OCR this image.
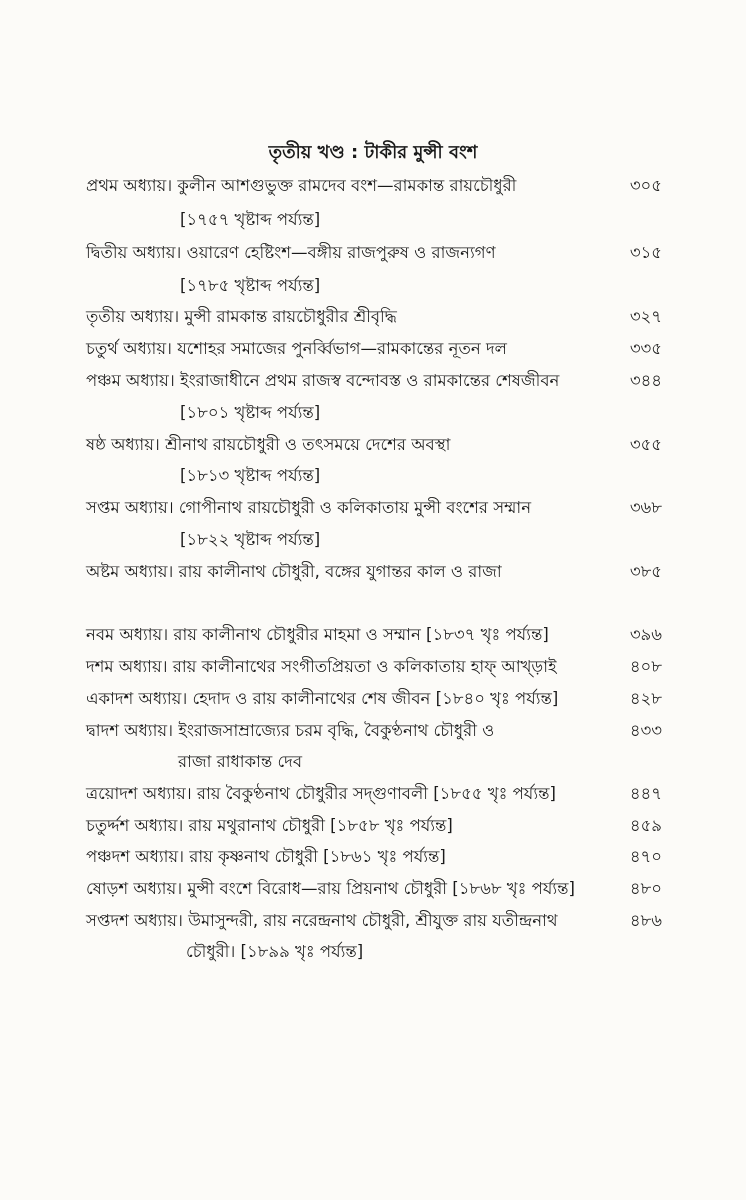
তৃতীয় খণ্ড : টাকীর মুন্সী বংশ
প্রথম অধ্যায়। কুলীন আশগুভুক্ত রামদেব বংশ—রামকান্ত রায়চৌধুরী	৩০৫
[১৭৫৭ খৃষ্টাব্দ পর্য্যন্ত]
দ্বিতীয় অধ্যায়। ওয়ারেণ হেষ্টিংশ—বঙ্গীয় রাজপুরুষ ও রাজন্যগণ	৩১৫
[১৭৮৫ খৃষ্টাব্দ পর্য্যন্ত]
তৃতীয় অধ্যায়। মুন্সী রামকান্ত রায়চৌধুরীর শ্রীবৃদ্ধি	৩২৭
চতুর্থ অধ্যায়। যশোহর সমাজের পুনর্ব্বিভাগ—রামকান্তের নূতন দল	৩৩৫
পঞ্চম অধ্যায়। ইংরাজাধীনে প্রথম রাজস্ব বন্দোবস্ত ও রামকান্তের শেষজীবন	৩৪৪
[১৮০১ খৃষ্টাব্দ পর্য্যন্ত]
ষষ্ঠ অধ্যায়। শ্রীনাথ রায়চৌধুরী ও তৎসময়ে দেশের অবস্থা	৩৫৫
[১৮১৩ খৃষ্টাব্দ পর্য্যন্ত]
সপ্তম অধ্যায়। গোপীনাথ রায়চৌধুরী ও কলিকাতায় মুন্সী বংশের সম্মান	৩৬৮
[১৮২২ খৃষ্টাব্দ পর্য্যন্ত]
অষ্টম অধ্যায়। রায় কালীনাথ চৌধুরী, বঙ্গের যুগান্তর কাল ও রাজা	৩৮৫
নবম অধ্যায়। রায় কালীনাথ চৌধুরীর মাহমা ও সম্মান [১৮৩৭ খৃঃ পর্য্যন্ত]	৩৯৬
দশম অধ্যায়। রায় কালীনাথের সংগীতপ্রিয়তা ও কলিকাতায় হাফ্ আখ্ড়াই	৪০৮
একাদশ অধ্যায়। হেদাদ ও রায় কালীনাথের শেষ জীবন [১৮৪০ খৃঃ পর্য্যন্ত]	৪২৮
দ্বাদশ অধ্যায়। ইংরাজসাম্রাজ্যের চরম বৃদ্ধি, বৈকুণ্ঠনাথ চৌধুরী ও	৪৩৩
রাজা রাধাকান্ত দেব
ত্রয়োদশ অধ্যায়। রায় বৈকুণ্ঠনাথ চৌধুরীর সদ্গুণাবলী [১৮৫৫ খৃঃ পর্য্যন্ত]	৪৪৭
চতুর্দ্দশ অধ্যায়। রায় মথুরানাথ চৌধুরী [১৮৫৮ খৃঃ পর্য্যন্ত]	৪৫৯
পঞ্চদশ অধ্যায়। রায় কৃষ্ণনাথ চৌধুরী [১৮৬১ খৃঃ পর্য্যন্ত]	৪৭০
ষোড়শ অধ্যায়। মুন্সী বংশে বিরোধ—রায় প্রিয়নাথ চৌধুরী [১৮৬৮ খৃঃ পর্য্যন্ত]	৪৮০
সপ্তদশ অধ্যায়। উমাসুন্দরী, রায় নরেন্দ্রনাথ চৌধুরী, শ্রীযুক্ত রায় যতীন্দ্রনাথ	৪৮৬
চৌধুরী। [১৮৯৯ খৃঃ পর্য্যন্ত]
